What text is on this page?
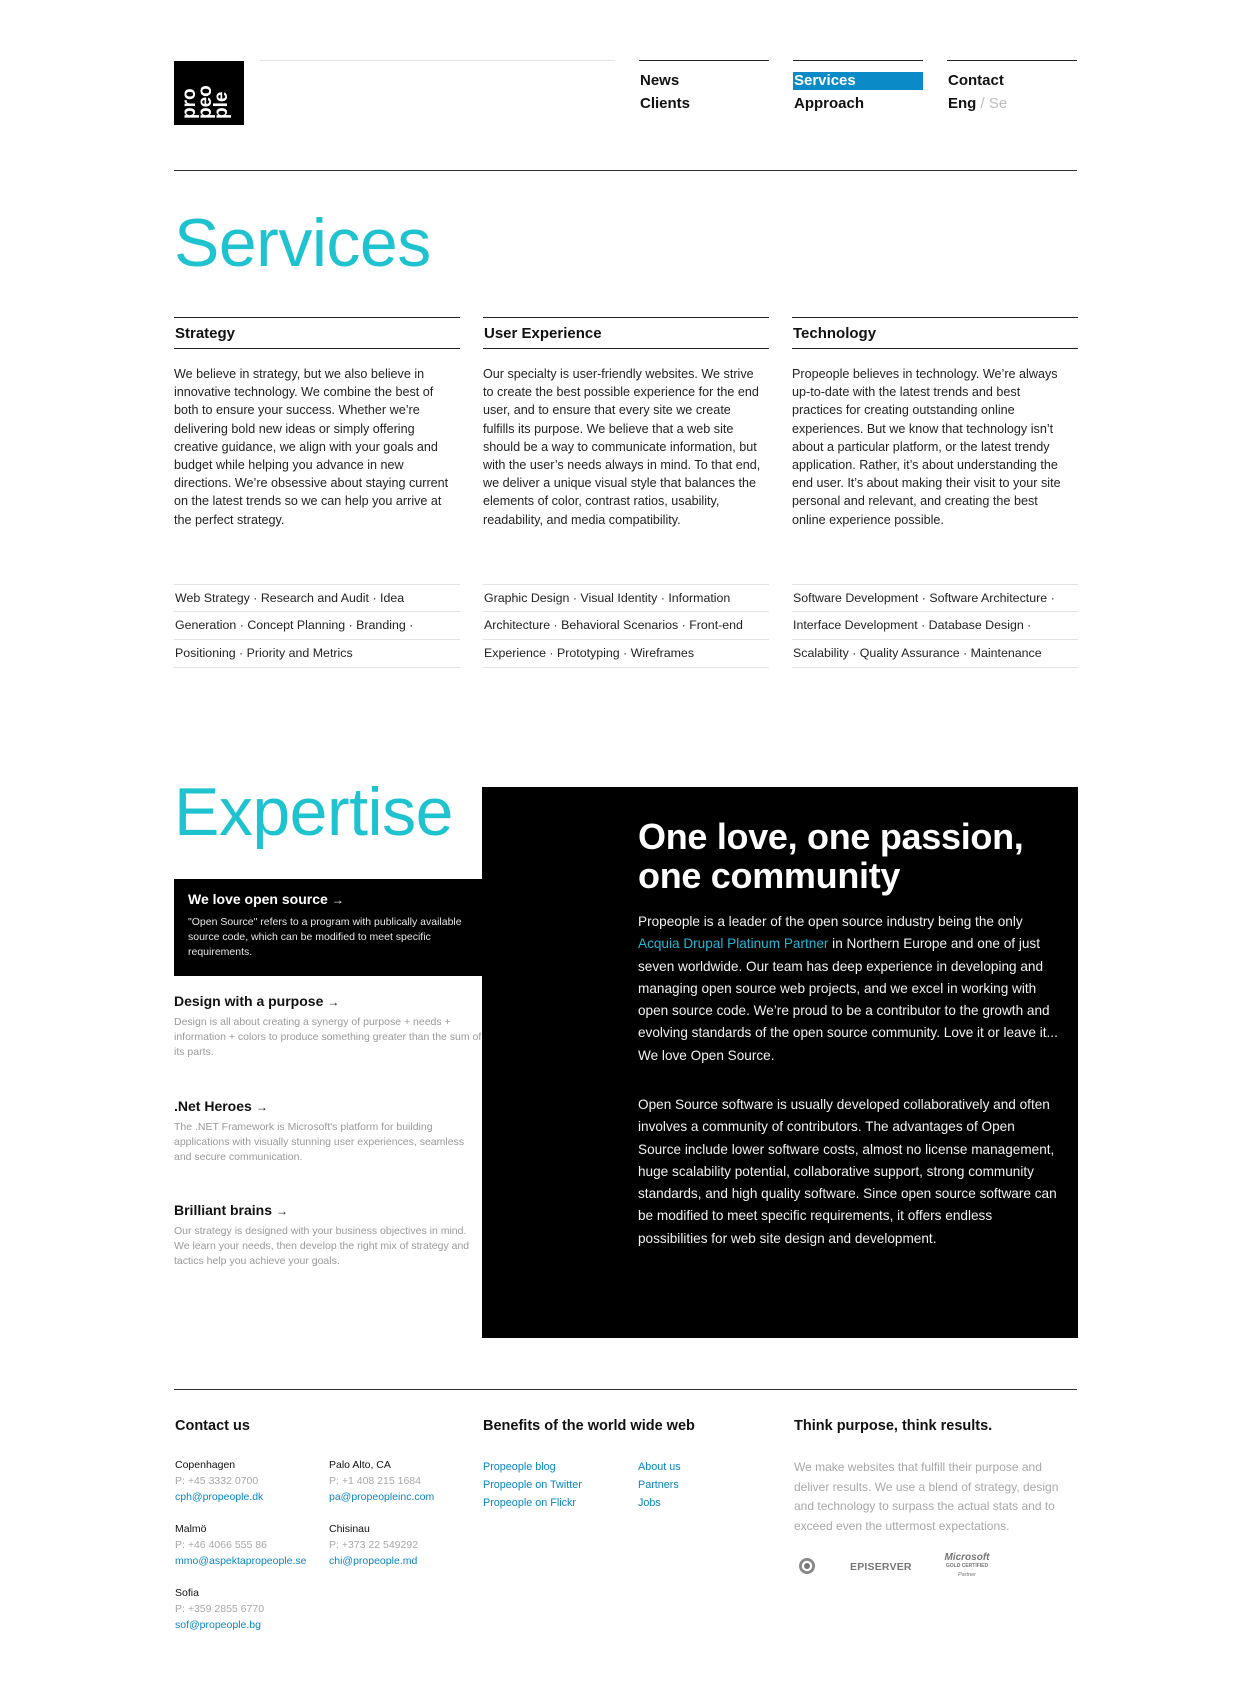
pro
peo
ple
News
Clients
Services
Approach
Contact
Eng / Se
Services
Strategy

We believe in strategy, but we also believe in innovative technology. We combine the best of both to ensure your success. Whether we’re delivering bold new ideas or simply offering creative guidance, we align with your goals and budget while helping you advance in new directions. We’re obsessive about staying current on the latest trends so we can help you arrive at the perfect strategy.

Web Strategy · Research and Audit · Idea
Generation · Concept Planning · Branding ·
Positioning · Priority and Metrics
User Experience

Our specialty is user-friendly websites. We strive to create the best possible experience for the end user, and to ensure that every site we create fulfills its purpose. We believe that a web site should be a way to communicate information, but with the user’s needs always in mind. To that end, we deliver a unique visual style that balances the elements of color, contrast ratios, usability, readability, and media compatibility.

Graphic Design · Visual Identity · Information
Architecture · Behavioral Scenarios · Front-end
Experience · Prototyping · Wireframes
Technology

Propeople believes in technology. We’re always up-to-date with the latest trends and best practices for creating outstanding online experiences. But we know that technology isn’t about a particular platform, or the latest trendy application. Rather, it’s about understanding the end user. It’s about making their visit to your site personal and relevant, and creating the best online experience possible.

Software Development · Software Architecture ·
Interface Development · Database Design ·
Scalability · Quality Assurance · Maintenance
Expertise
We love open source →

"Open Source" refers to a program with publically available source code, which can be modified to meet specific requirements.

Design with a purpose →

Design is all about creating a synergy of purpose + needs + information + colors to produce something greater than the sum of its parts.

.Net Heroes →

The .NET Framework is Microsoft's platform for building applications with visually stunning user experiences, seamless and secure communication.

Brilliant brains →

Our strategy is designed with your business objectives in mind. We learn your needs, then develop the right mix of strategy and tactics help you achieve your goals.

One love, one passion, one community

Propeople is a leader of the open source industry being the only Acquia Drupal Platinum Partner in Northern Europe and one of just seven worldwide. Our team has deep experience in developing and managing open source web projects, and we excel in working with open source code. We’re proud to be a contributor to the growth and evolving standards of the open source community. Love it or leave it... We love Open Source.

Open Source software is usually developed collaboratively and often involves a community of contributors. The advantages of Open Source include lower software costs, almost no license management, huge scalability potential, collaborative support, strong community standards, and high quality software. Since open source software can be modified to meet specific requirements, it offers endless possibilities for web site design and development.

Contact us
Copenhagen
P: +45 3332 0700
cph@propeople.dk
Palo Alto, CA
P: +1 408 215 1684
pa@propeopleinc.com
Malmö
P: +46 4066 555 86
mmo@aspektapropeople.se
Chisinau
P: +373 22 549292
chi@propeople.md
Sofia
P: +359 2855 6770
sof@propeople.bg
Benefits of the world wide web
Propeople blog
Propeople on Twitter
Propeople on Flickr
About us
Partners
Jobs
Think purpose, think results.

We make websites that fulfill their purpose and deliver results. We use a blend of strategy, design and technology to surpass the actual stats and to exceed even the uttermost expectations.

EPISERVER
Microsoft
GOLD CERTIFIED
Partner
